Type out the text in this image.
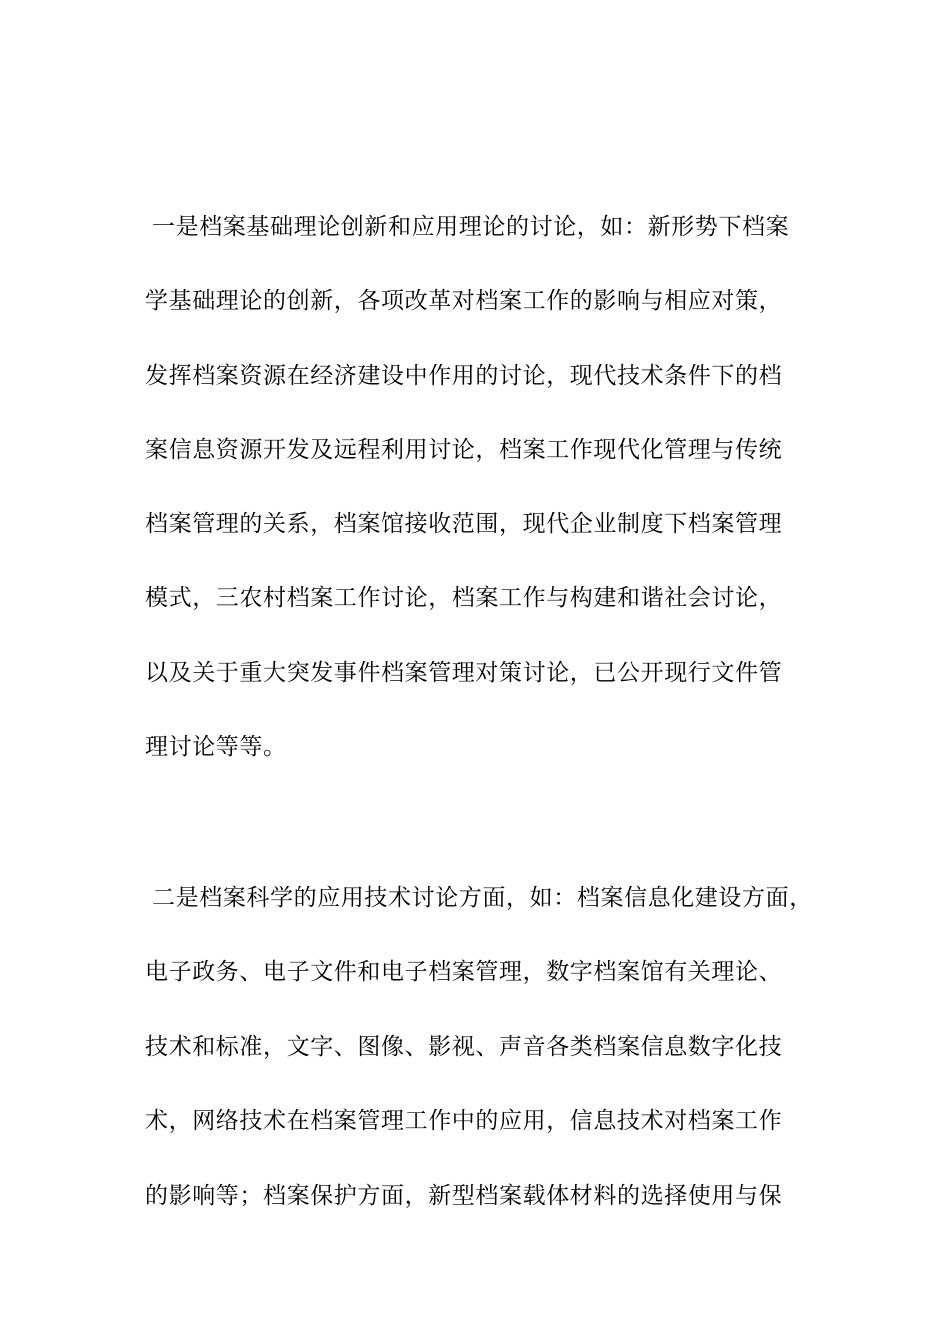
一是档案基础理论创新和应用理论的讨论，如：新形势下档案
学基础理论的创新，各项改革对档案工作的影响与相应对策，
发挥档案资源在经济建设中作用的讨论，现代技术条件下的档
案信息资源开发及远程利用讨论，档案工作现代化管理与传统
档案管理的关系，档案馆接收范围，现代企业制度下档案管理
模式，三农村档案工作讨论，档案工作与构建和谐社会讨论，
以及关于重大突发事件档案管理对策讨论，已公开现行文件管
理讨论等等。
二是档案科学的应用技术讨论方面，如：档案信息化建设方面，
电子政务、电子文件和电子档案管理，数字档案馆有关理论、
技术和标准，文字、图像、影视、声音各类档案信息数字化技
术，网络技术在档案管理工作中的应用，信息技术对档案工作
的影响等；档案保护方面，新型档案载体材料的选择使用与保
